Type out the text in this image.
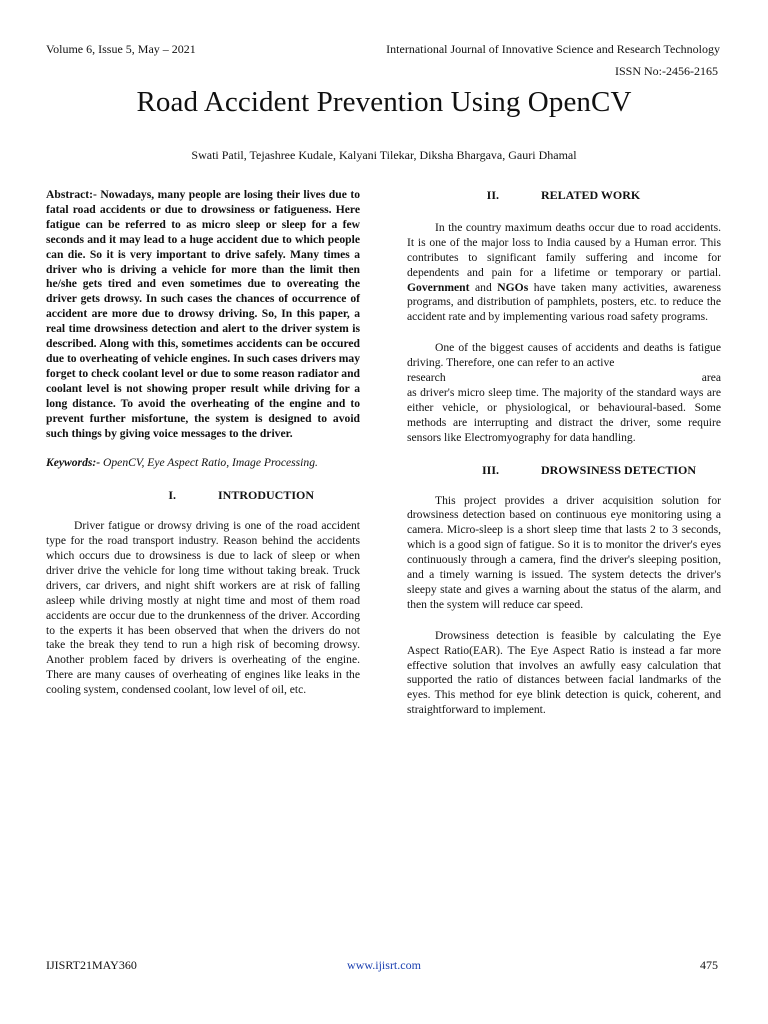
Volume 6, Issue 5, May – 2021	International Journal of Innovative Science and Research Technology
ISSN No:-2456-2165
Road Accident Prevention Using OpenCV
Swati Patil, Tejashree Kudale, Kalyani Tilekar, Diksha Bhargava, Gauri Dhamal

Abstract:- Nowadays, many people are losing their lives due to fatal road accidents or due to drowsiness or fatigueness. Here fatigue can be referred to as micro sleep or sleep for a few seconds and it may lead to a huge accident due to which people can die. So it is very important to drive safely. Many times a driver who is driving a vehicle for more than the limit then he/she gets tired and even sometimes due to overeating the driver gets drowsy. In such cases the chances of occurrence of accident are more due to drowsy driving. So, In this paper, a real time drowsiness detection and alert to the driver system is described. Along with this, sometimes accidents can be occured due to overheating of vehicle engines. In such cases drivers may forget to check coolant level or due to some reason radiator and coolant level is not showing proper result while driving for a long distance. To avoid the overheating of the engine and to prevent further misfortune, the system is designed to avoid such things by giving voice messages to the driver.

Keywords:- OpenCV, Eye Aspect Ratio, Image Processing.

I.	INTRODUCTION

Driver fatigue or drowsy driving is one of the road accident type for the road transport industry. Reason behind the accidents which occurs due to drowsiness is due to lack of sleep or when driver drive the vehicle for long time without taking break. Truck drivers, car drivers, and night shift workers are at risk of falling asleep while driving mostly at night time and most of them road accidents are occur due to the drunkenness of the driver. According to the experts it has been observed that when the drivers do not take the break they tend to run a high risk of becoming drowsy. Another problem faced by drivers is overheating of the engine. There are many causes of overheating of engines like leaks in the cooling system, condensed coolant, low level of oil, etc.

II.	RELATED WORK

In the country maximum deaths occur due to road accidents. It is one of the major loss to India caused by a Human error. This contributes to significant family suffering and income for dependents and pain for a lifetime or temporary or partial. Government and NGOs have taken many activities, awareness programs, and distribution of pamphlets, posters, etc. to reduce the accident rate and by implementing various road safety programs.

One of the biggest causes of accidents and deaths is fatigue driving. Therefore, one can refer to an active

research	area

as driver's micro sleep time. The majority of the standard ways are either vehicle, or physiological, or behavioural-based. Some methods are interrupting and distract the driver, some require sensors like Electromyography for data handling.

III.	DROWSINESS DETECTION

This project provides a driver acquisition solution for drowsiness detection based on continuous eye monitoring using a camera. Micro-sleep is a short sleep time that lasts 2 to 3 seconds, which is a good sign of fatigue. So it is to monitor the driver's eyes continuously through a camera, find the driver's sleeping position, and a timely warning is issued. The system detects the driver's sleepy state and gives a warning about the status of the alarm, and then the system will reduce car speed.

Drowsiness detection is feasible by calculating the Eye Aspect Ratio(EAR). The Eye Aspect Ratio is instead a far more effective solution that involves an awfully easy calculation that supported the ratio of distances between facial landmarks of the eyes. This method for eye blink detection is quick, coherent, and straightforward to implement.

IJISRT21MAY360	www.ijisrt.com	475
